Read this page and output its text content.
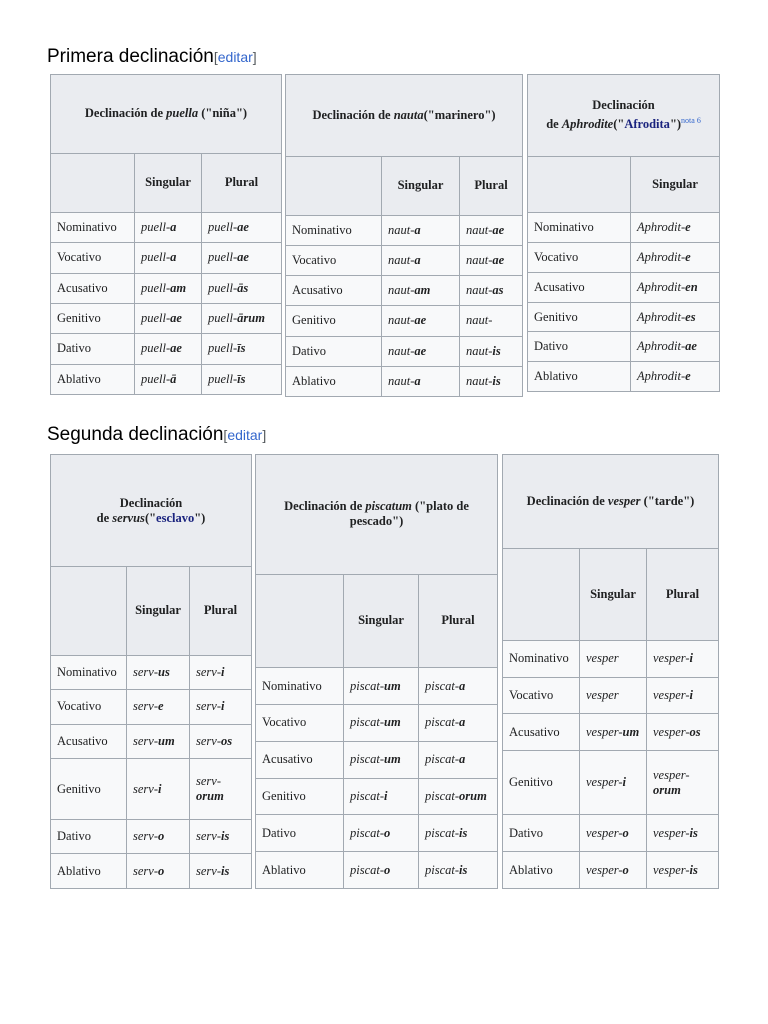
Primera declinación[editar]
Declinación de puella ("niña")		
	Singular	Plural
Nominativo	puell-a	puell-ae
Vocativo	puell-a	puell-ae
Acusativo	puell-am	puell-ās
Genitivo	puell-ae	puell-ārum
Dativo	puell-ae	puell-īs
Ablativo	puell-ā	puell-īs
Declinación de nauta("marinero")		
	Singular	Plural
Nominativo	naut-a	naut-ae
Vocativo	naut-a	naut-ae
Acusativo	naut-am	naut-as
Genitivo	naut-ae	naut-
Dativo	naut-ae	naut-is
Ablativo	naut-a	naut-is
Declinación
de Aphrodite("Afrodita")$^{nota 6}$
	Singular
Nominativo	Aphrodit-e
Vocativo	Aphrodit-e
Acusativo	Aphrodit-en
Genitivo	Aphrodit-es
Dativo	Aphrodit-ae
Ablativo	Aphrodit-e
Segunda declinación[editar]
Declinación
de servus("esclavo")		
	Singular	Plural
Nominativo	serv-us	serv-i
Vocativo	serv-e	serv-i
Acusativo	serv-um	serv-os
Genitivo	serv-i	serv-orum
Dativo	serv-o	serv-is
Ablativo	serv-o	serv-is
Declinación de piscatum ("plato de pescado")		
	Singular	Plural
Nominativo	piscat-um	piscat-a
Vocativo	piscat-um	piscat-a
Acusativo	piscat-um	piscat-a
Genitivo	piscat-i	piscat-orum
Dativo	piscat-o	piscat-is
Ablativo	piscat-o	piscat-is
Declinación de vesper ("tarde")		
	Singular	Plural
Nominativo	vesper	vesper-i
Vocativo	vesper	vesper-i
Acusativo	vesper-um	vesper-os
Genitivo	vesper-i	vesper-orum
Dativo	vesper-o	vesper-is
Ablativo	vesper-o	vesper-is
